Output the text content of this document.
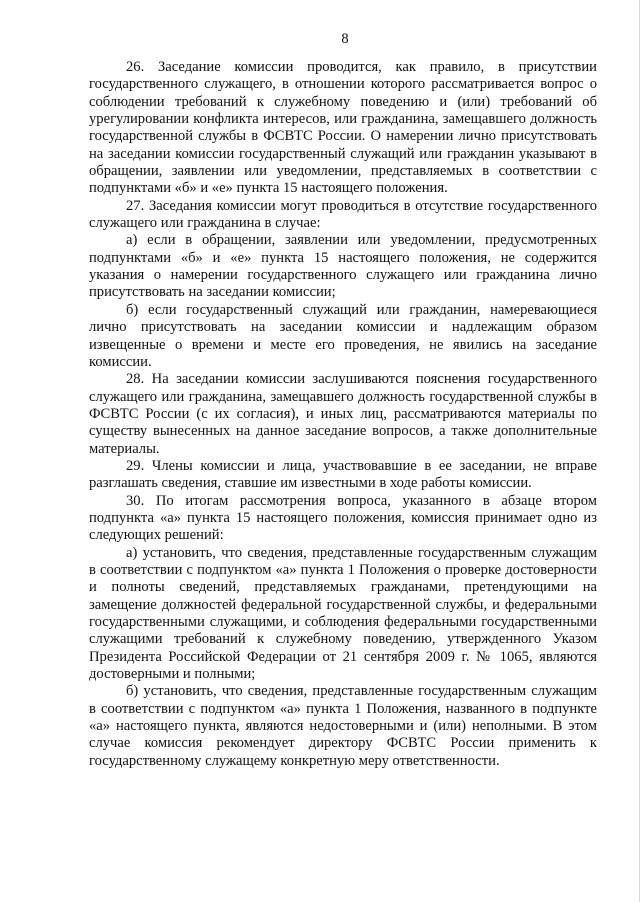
8

26. Заседание комиссии проводится, как правило, в присутствии государственного служащего, в отношении которого рассматривается вопрос о соблюдении требований к служебному поведению и (или) требований об урегулировании конфликта интересов, или гражданина, замещавшего должность государственной службы в ФСВТС России. О намерении лично присутствовать на заседании комиссии государственный служащий или гражданин указывают в обращении, заявлении или уведомлении, представляемых в соответствии с подпунктами «б» и «е» пункта 15 настоящего положения.

27. Заседания комиссии могут проводиться в отсутствие государственного служащего или гражданина в случае:

а) если в обращении, заявлении или уведомлении, предусмотренных подпунктами «б» и «е» пункта 15 настоящего положения, не содержится указания о намерении государственного служащего или гражданина лично присутствовать на заседании комиссии;

б) если государственный служащий или гражданин, намеревающиеся лично присутствовать на заседании комиссии и надлежащим образом извещенные о времени и месте его проведения, не явились на заседание комиссии.

28. На заседании комиссии заслушиваются пояснения государственного служащего или гражданина, замещавшего должность государственной службы в ФСВТС России (с их согласия), и иных лиц, рассматриваются материалы по существу вынесенных на данное заседание вопросов, а также дополнительные материалы.

29. Члены комиссии и лица, участвовавшие в ее заседании, не вправе разглашать сведения, ставшие им известными в ходе работы комиссии.

30. По итогам рассмотрения вопроса, указанного в абзаце втором подпункта «а» пункта 15 настоящего положения, комиссия принимает одно из следующих решений:

а) установить, что сведения, представленные государственным служащим в соответствии с подпунктом «а» пункта 1 Положения о проверке достоверности и полноты сведений, представляемых гражданами, претендующими на замещение должностей федеральной государственной службы, и федеральными государственными служащими, и соблюдения федеральными государственными служащими требований к служебному поведению, утвержденного Указом Президента Российской Федерации от 21 сентября 2009 г. № 1065, являются достоверными и полными;

б) установить, что сведения, представленные государственным служащим в соответствии с подпунктом «а» пункта 1 Положения, названного в подпункте «а» настоящего пункта, являются недостоверными и (или) неполными. В этом случае комиссия рекомендует директору ФСВТС России применить к государственному служащему конкретную меру ответственности.
